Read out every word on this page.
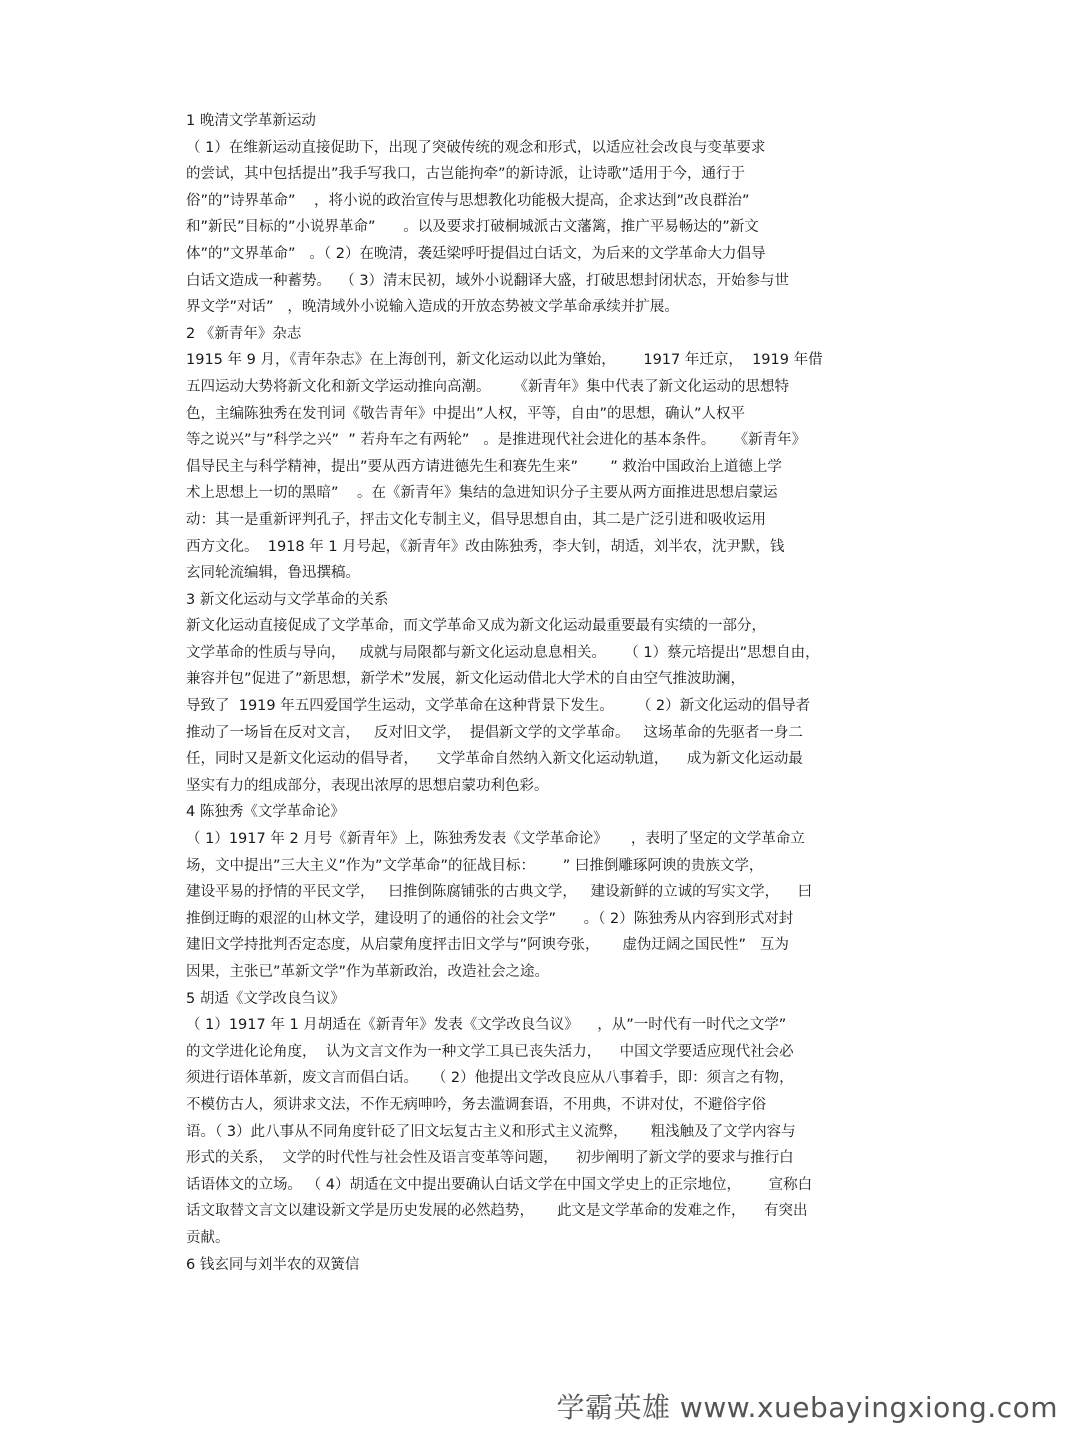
1 晚清文学革新运动
（ 1）在维新运动直接促助下，出现了突破传统的观念和形式，以适应社会改良与变革要求
的尝试，其中包括提出”我手写我口，古岂能拘牵”的新诗派，让诗歌”适用于今，通行于
俗”的”诗界革命”    ，将小说的政治宣传与思想教化功能极大提高，企求达到”改良群治”
和”新民”目标的”小说界革命”      。以及要求打破桐城派古文藩篱，推广平易畅达的”新文
体”的”文界革命”   。（ 2）在晚清，袭廷梁呼吁提倡过白话文，为后来的文学革命大力倡导
白话文造成一种蓄势。  （ 3）清末民初，域外小说翻译大盛，打破思想封闭状态，开始参与世
界文学”对话”   ，晚清域外小说输入造成的开放态势被文学革命承续并扩展。
2 《新青年》杂志
1915 年 9 月，《青年杂志》在上海创刊，新文化运动以此为肇始，      1917 年迁京，  1919 年借
五四运动大势将新文化和新文学运动推向高潮。     《新青年》集中代表了新文化运动的思想特
色，主编陈独秀在发刊词《敬告青年》中提出”人权，平等，自由”的思想，确认”人权平
等之说兴”与”科学之兴”  ” 若舟车之有两轮”   。是推进现代社会进化的基本条件。    《新青年》
倡导民主与科学精神，提出”要从西方请进德先生和赛先生来”       ” 救治中国政治上道德上学
术上思想上一切的黑暗”    。在《新青年》集结的急进知识分子主要从两方面推进思想启蒙运
动：其一是重新评判孔子，抨击文化专制主义，倡导思想自由，其二是广泛引进和吸收运用
西方文化。  1918 年 1 月号起，《新青年》改由陈独秀，李大钊，胡适，刘半农，沈尹默，钱
玄同轮流编辑，鲁迅撰稿。
3 新文化运动与文学革命的关系
新文化运动直接促成了文学革命，而文学革命又成为新文化运动最重要最有实绩的一部分，
文学革命的性质与导向，   成就与局限都与新文化运动息息相关。    （ 1）蔡元培提出”思想自由，
兼容并包”促进了”新思想，新学术”发展，新文化运动借北大学术的自由空气推波助澜，
导致了  1919 年五四爱国学生运动，文学革命在这种背景下发生。     （ 2）新文化运动的倡导者
推动了一场旨在反对文言，   反对旧文学，  提倡新文学的文学革命。   这场革命的先驱者一身二
任，同时又是新文化运动的倡导者，    文学革命自然纳入新文化运动轨道，    成为新文化运动最
坚实有力的组成部分，表现出浓厚的思想启蒙功利色彩。
4 陈独秀《文学革命论》
（ 1）1917 年 2 月号《新青年》上，陈独秀发表《文学革命论》     ，表明了坚定的文学革命立
场，文中提出”三大主义”作为”文学革命”的征战目标：      ” 曰推倒雕琢阿谀的贵族文学，
建设平易的抒情的平民文学，   曰推倒陈腐铺张的古典文学，   建设新鲜的立诚的写实文学，    曰
推倒迂晦的艰涩的山林文学，建设明了的通俗的社会文学”      。（ 2）陈独秀从内容到形式对封
建旧文学持批判否定态度，从启蒙角度抨击旧文学与”阿谀夸张，     虚伪迂阔之国民性”   互为
因果，主张已”革新文学”作为革新政治，改造社会之途。
5 胡适《文学改良刍议》
（ 1）1917 年 1 月胡适在《新青年》发表《文学改良刍议》    ，从”一时代有一时代之文学”
的文学进化论角度，  认为文言文作为一种文学工具已丧失活力，    中国文学要适应现代社会必
须进行语体革新，废文言而倡白话。   （ 2）他提出文学改良应从八事着手，即：须言之有物，
不模仿古人，须讲求文法，不作无病呻吟，务去滥调套语，不用典，不讲对仗，不避俗字俗
语。（ 3）此八事从不同角度针砭了旧文坛复古主义和形式主义流弊，     粗浅触及了文学内容与
形式的关系，  文学的时代性与社会性及语言变革等问题，    初步阐明了新文学的要求与推行白
话语体文的立场。 （ 4）胡适在文中提出要确认白话文学在中国文学史上的正宗地位，      宣称白
话文取替文言文以建设新文学是历史发展的必然趋势，     此文是文学革命的发难之作，    有突出
贡献。
6 钱玄同与刘半农的双簧信
学霸英雄 www.xuebayingxiong.com
